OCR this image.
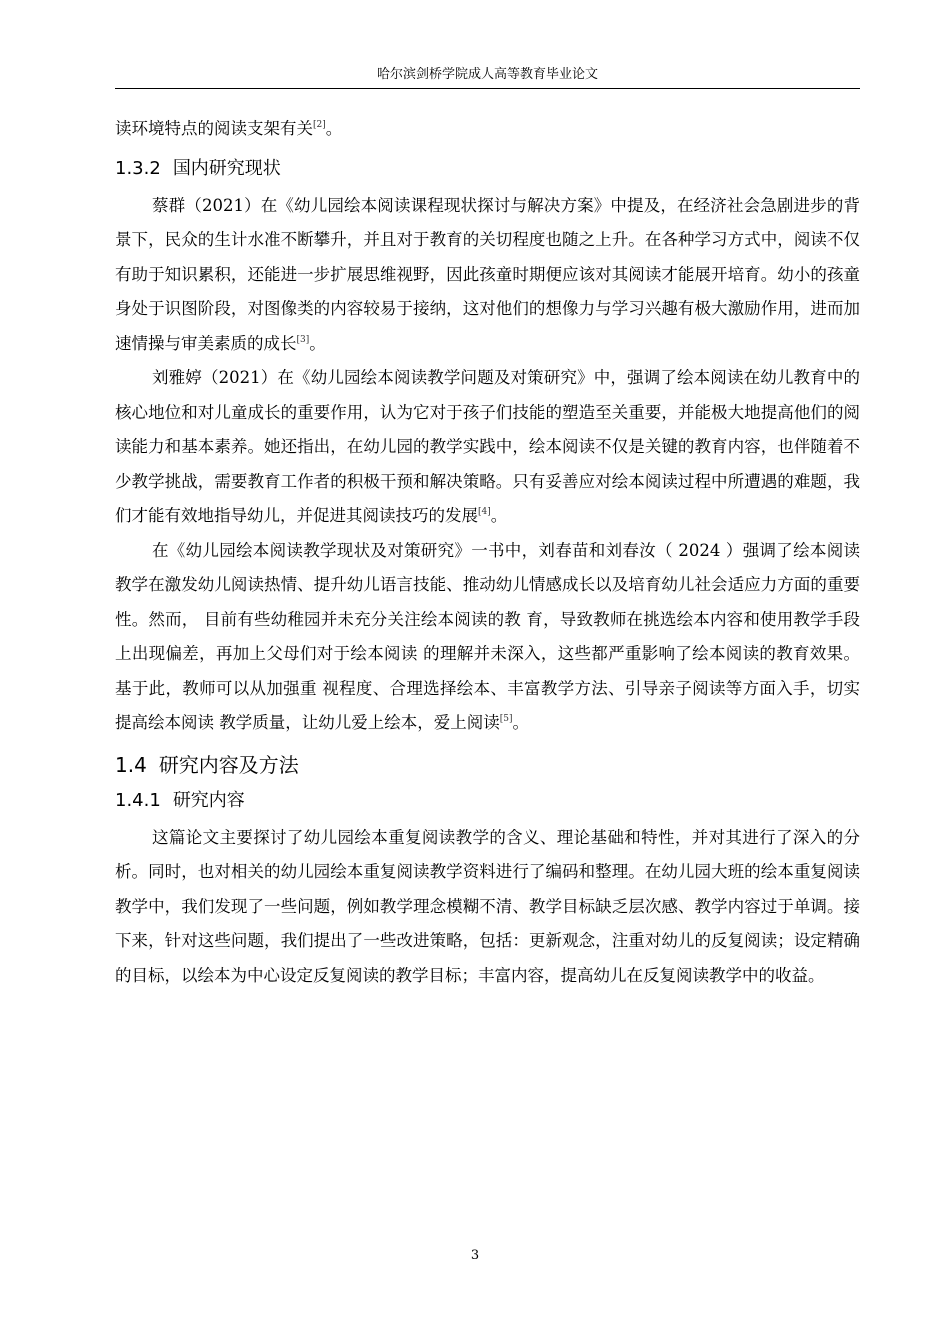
哈尔滨剑桥学院成人高等教育毕业论文

读环境特点的阅读支架有关[2]。

1.3.2 国内研究现状

蔡群（2021）在《幼儿园绘本阅读课程现状探讨与解决方案》中提及，在经济社会急剧进步的背景下，民众的生计水准不断攀升，并且对于教育的关切程度也随之上升。在各种学习方式中，阅读不仅有助于知识累积，还能进一步扩展思维视野，因此孩童时期便应该对其阅读才能展开培育。幼小的孩童身处于识图阶段，对图像类的内容较易于接纳，这对他们的想像力与学习兴趣有极大激励作用，进而加速情操与审美素质的成长[3]。

刘雅婷（2021）在《幼儿园绘本阅读教学问题及对策研究》中，强调了绘本阅读在幼儿教育中的核心地位和对儿童成长的重要作用，认为它对于孩子们技能的塑造至关重要，并能极大地提高他们的阅读能力和基本素养。她还指出，在幼儿园的教学实践中，绘本阅读不仅是关键的教育内容，也伴随着不少教学挑战，需要教育工作者的积极干预和解决策略。只有妥善应对绘本阅读过程中所遭遇的难题，我们才能有效地指导幼儿，并促进其阅读技巧的发展[4]。

在《幼儿园绘本阅读教学现状及对策研究》一书中，刘春苗和刘春汝（ 2024 ）强调了绘本阅读教学在激发幼儿阅读热情、提升幼儿语言技能、推动幼儿情感成长以及培育幼儿社会适应力方面的重要性。然而， 目前有些幼稚园并未充分关注绘本阅读的教 育，导致教师在挑选绘本内容和使用教学手段上出现偏差，再加上父母们对于绘本阅读 的理解并未深入，这些都严重影响了绘本阅读的教育效果。基于此，教师可以从加强重 视程度、合理选择绘本、丰富教学方法、引导亲子阅读等方面入手，切实提高绘本阅读 教学质量，让幼儿爱上绘本，爱上阅读[5]。

1.4 研究内容及方法
1.4.1 研究内容

这篇论文主要探讨了幼儿园绘本重复阅读教学的含义、理论基础和特性，并对其进行了深入的分析。同时，也对相关的幼儿园绘本重复阅读教学资料进行了编码和整理。在幼儿园大班的绘本重复阅读教学中，我们发现了一些问题，例如教学理念模糊不清、教学目标缺乏层次感、教学内容过于单调。接下来，针对这些问题，我们提出了一些改进策略，包括：更新观念，注重对幼儿的反复阅读；设定精确的目标，以绘本为中心设定反复阅读的教学目标；丰富内容，提高幼儿在反复阅读教学中的收益。

3
